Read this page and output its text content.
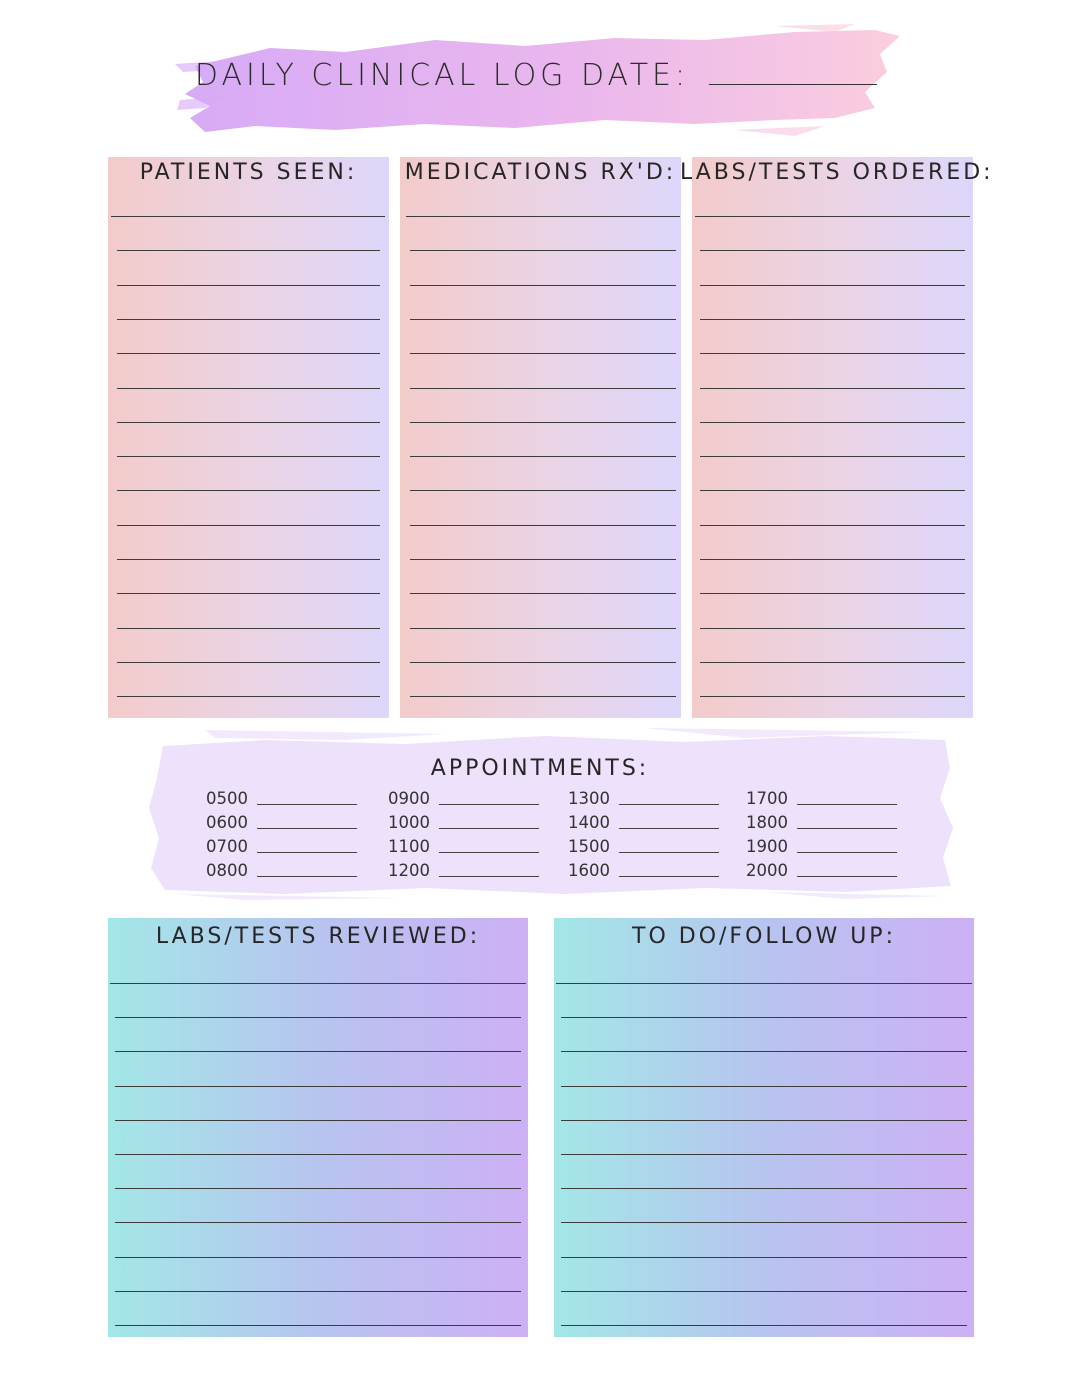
DAILY CLINICAL LOG DATE:
PATIENTS SEEN:	MEDICATIONS RX'D: LABS/TESTS ORDERED:
LABS/TESTS REVIEWED:	TO DO/FOLLOW UP:
APPOINTMENTS:
0500
0600
0700
0800
0900
1000
1100
1200
1300
1400
1500
1600
1700
1800
1900
2000
